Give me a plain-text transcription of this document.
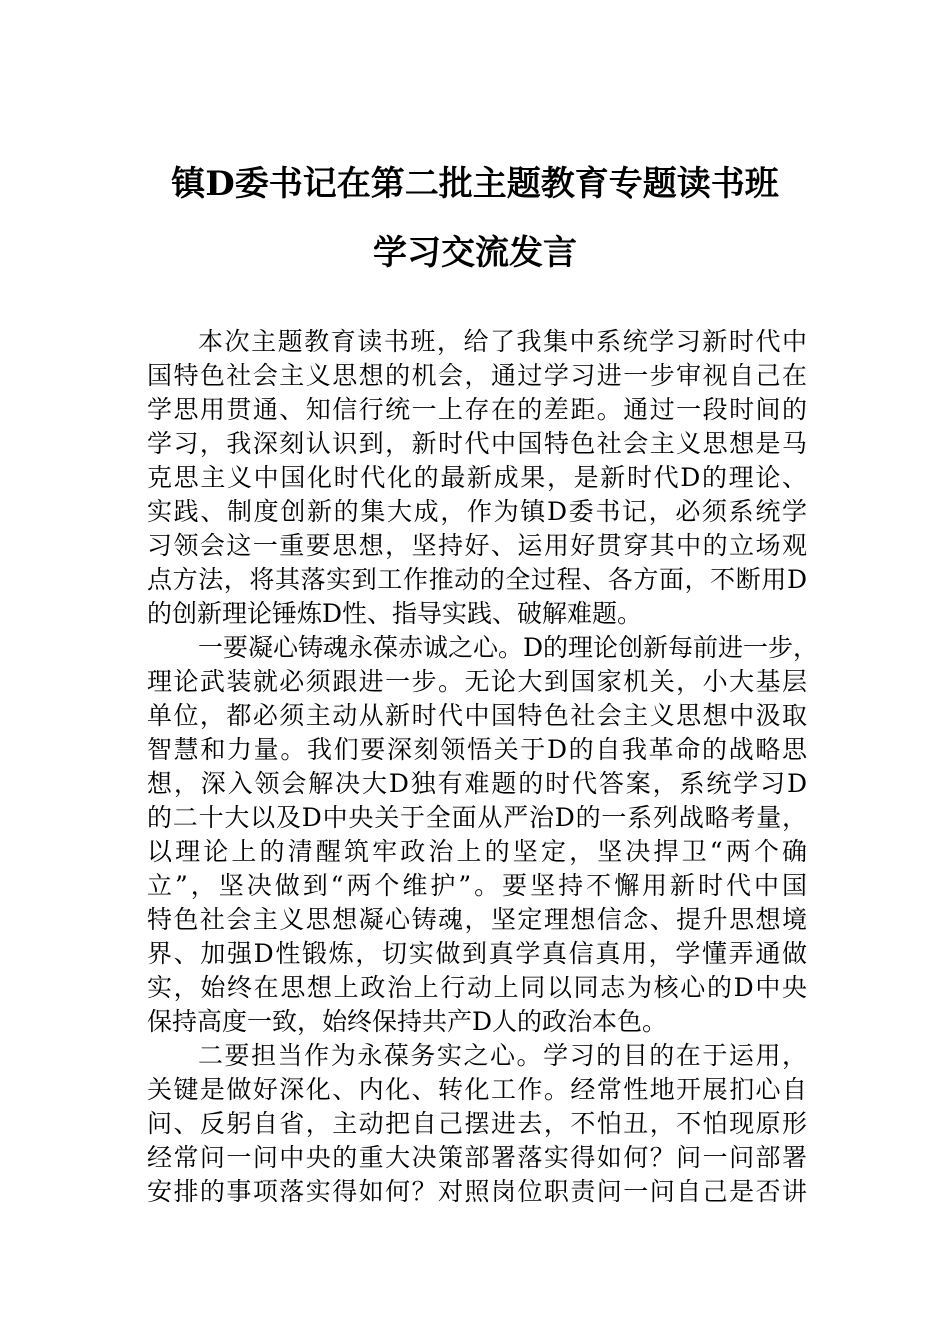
镇D委书记在第二批主题教育专题读书班
学习交流发言
本次主题教育读书班，给了我集中系统学习新时代中
国特色社会主义思想的机会，通过学习进一步审视自己在
学思用贯通、知信行统一上存在的差距。通过一段时间的
学习，我深刻认识到，新时代中国特色社会主义思想是马
克思主义中国化时代化的最新成果，是新时代D的理论、
实践、制度创新的集大成，作为镇D委书记，必须系统学
习领会这一重要思想，坚持好、运用好贯穿其中的立场观
点方法，将其落实到工作推动的全过程、各方面，不断用D
的创新理论锤炼D性、指导实践、破解难题。
一要凝心铸魂永葆赤诚之心。D的理论创新每前进一步，
理论武装就必须跟进一步。无论大到国家机关，小大基层
单位，都必须主动从新时代中国特色社会主义思想中汲取
智慧和力量。我们要深刻领悟关于D的自我革命的战略思
想，深入领会解决大D独有难题的时代答案，系统学习D
的二十大以及D中央关于全面从严治D的一系列战略考量，
以理论上的清醒筑牢政治上的坚定，坚决捍卫“两个确
立”，坚决做到“两个维护”。要坚持不懈用新时代中国
特色社会主义思想凝心铸魂，坚定理想信念、提升思想境
界、加强D性锻炼，切实做到真学真信真用，学懂弄通做
实，始终在思想上政治上行动上同以同志为核心的D中央
保持高度一致，始终保持共产D人的政治本色。
二要担当作为永葆务实之心。学习的目的在于运用，
关键是做好深化、内化、转化工作。经常性地开展扪心自
问、反躬自省，主动把自己摆进去，不怕丑，不怕现原形
经常问一问中央的重大决策部署落实得如何？问一问部署
安排的事项落实得如何？对照岗位职责问一问自己是否讲
